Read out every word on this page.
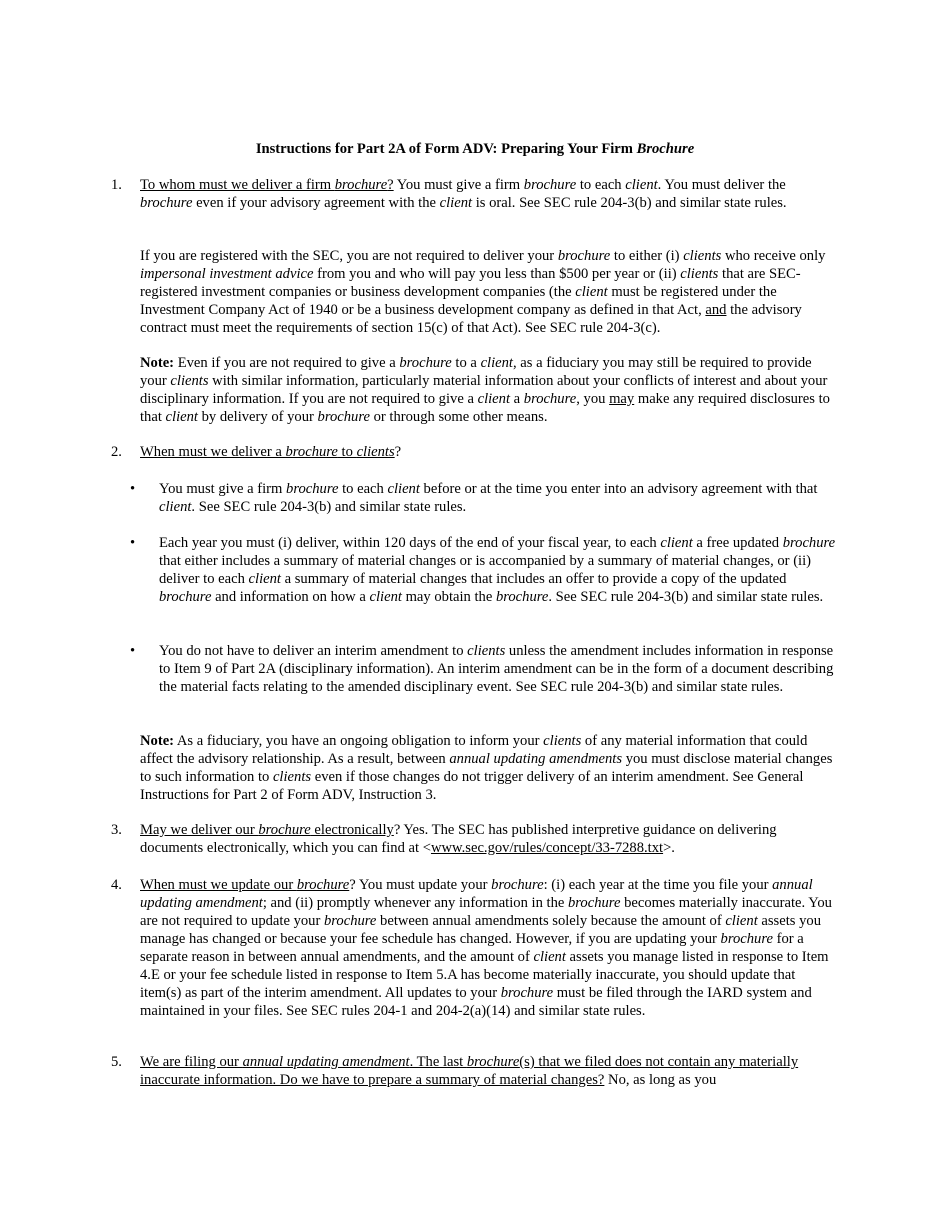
Instructions for Part 2A of Form ADV: Preparing Your Firm Brochure
1. To whom must we deliver a firm brochure? You must give a firm brochure to each client. You must deliver the brochure even if your advisory agreement with the client is oral. See SEC rule 204-3(b) and similar state rules.

If you are registered with the SEC, you are not required to deliver your brochure to either (i) clients who receive only impersonal investment advice from you and who will pay you less than $500 per year or (ii) clients that are SEC-registered investment companies or business development companies (the client must be registered under the Investment Company Act of 1940 or be a business development company as defined in that Act, and the advisory contract must meet the requirements of section 15(c) of that Act). See SEC rule 204-3(c).

Note: Even if you are not required to give a brochure to a client, as a fiduciary you may still be required to provide your clients with similar information, particularly material information about your conflicts of interest and about your disciplinary information. If you are not required to give a client a brochure, you may make any required disclosures to that client by delivery of your brochure or through some other means.

2. When must we deliver a brochure to clients?

• You must give a firm brochure to each client before or at the time you enter into an advisory agreement with that client. See SEC rule 204-3(b) and similar state rules.

• Each year you must (i) deliver, within 120 days of the end of your fiscal year, to each client a free updated brochure that either includes a summary of material changes or is accompanied by a summary of material changes, or (ii) deliver to each client a summary of material changes that includes an offer to provide a copy of the updated brochure and information on how a client may obtain the brochure. See SEC rule 204-3(b) and similar state rules.

• You do not have to deliver an interim amendment to clients unless the amendment includes information in response to Item 9 of Part 2A (disciplinary information). An interim amendment can be in the form of a document describing the material facts relating to the amended disciplinary event. See SEC rule 204-3(b) and similar state rules.

Note: As a fiduciary, you have an ongoing obligation to inform your clients of any material information that could affect the advisory relationship. As a result, between annual updating amendments you must disclose material changes to such information to clients even if those changes do not trigger delivery of an interim amendment. See General Instructions for Part 2 of Form ADV, Instruction 3.

3. May we deliver our brochure electronically? Yes. The SEC has published interpretive guidance on delivering documents electronically, which you can find at <www.sec.gov/rules/concept/33-7288.txt>.

4. When must we update our brochure? You must update your brochure: (i) each year at the time you file your annual updating amendment; and (ii) promptly whenever any information in the brochure becomes materially inaccurate. You are not required to update your brochure between annual amendments solely because the amount of client assets you manage has changed or because your fee schedule has changed. However, if you are updating your brochure for a separate reason in between annual amendments, and the amount of client assets you manage listed in response to Item 4.E or your fee schedule listed in response to Item 5.A has become materially inaccurate, you should update that item(s) as part of the interim amendment. All updates to your brochure must be filed through the IARD system and maintained in your files. See SEC rules 204-1 and 204-2(a)(14) and similar state rules.

5. We are filing our annual updating amendment. The last brochure(s) that we filed does not contain any materially inaccurate information. Do we have to prepare a summary of material changes? No, as long as you
